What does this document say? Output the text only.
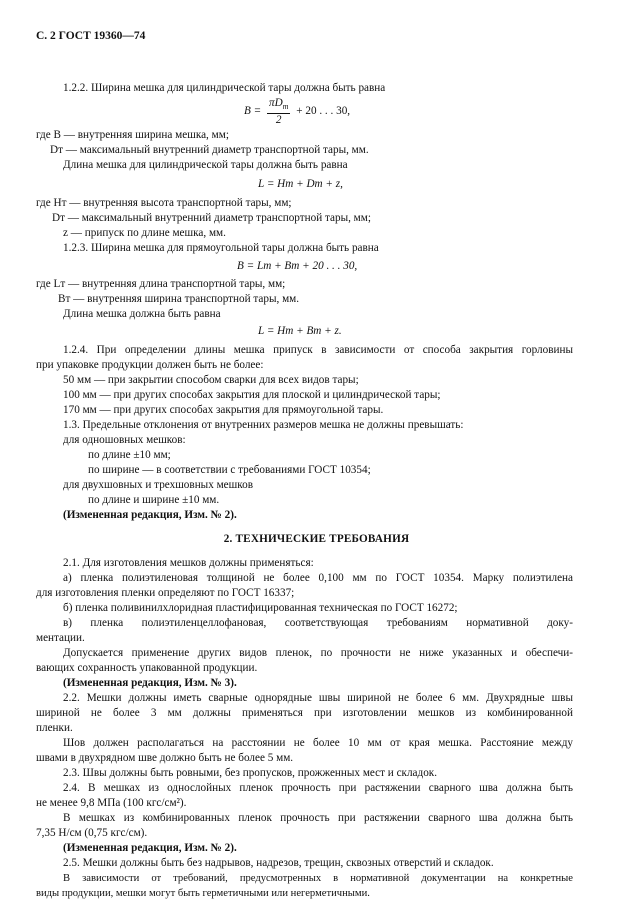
С. 2 ГОСТ 19360—74
1.2.2. Ширина мешка для цилиндрической тары должна быть равна
$B = \frac{\pi D_т}{2} + 20$ . . . 30,
где B — внутренняя ширина мешка, мм;
Dт — максимальный внутренний диаметр транспортной тары, мм.
Длина мешка для цилиндрической тары должна быть равна
L = Hт + Dт + z,
где Hт — внутренняя высота транспортной тары, мм;
Dт — максимальный внутренний диаметр транспортной тары, мм;
z — припуск по длине мешка, мм.
1.2.3. Ширина мешка для прямоугольной тары должна быть равна
B = Lт + Bт + 20 . . . 30,
где Lт — внутренняя длина транспортной тары, мм;
Bт — внутренняя ширина транспортной тары, мм.
Длина мешка должна быть равна
L = Hт + Bт + z.
1.2.4. При определении длины мешка припуск в зависимости от способа закрытия горловины
при упаковке продукции должен быть не более:
50 мм — при закрытии способом сварки для всех видов тары;
100 мм — при других способах закрытия для плоской и цилиндрической тары;
170 мм — при других способах закрытия для прямоугольной тары.
1.3. Предельные отклонения от внутренних размеров мешка не должны превышать:
для одношовных мешков:
по длине ±10 мм;
по ширине — в соответствии с требованиями ГОСТ 10354;
для двухшовных и трехшовных мешков
по длине и ширине ±10 мм.
(Измененная редакция, Изм. № 2).
2. ТЕХНИЧЕСКИЕ ТРЕБОВАНИЯ
2.1. Для изготовления мешков должны применяться:
а) пленка полиэтиленовая толщиной не более 0,100 мм по ГОСТ 10354. Марку полиэтилена
для изготовления пленки определяют по ГОСТ 16337;
б) пленка поливинилхлоридная пластифицированная техническая по ГОСТ 16272;
в) пленка полиэтиленцеллофановая, соответствующая требованиям нормативной доку-
ментации.
Допускается применение других видов пленок, по прочности не ниже указанных и обеспечи-
вающих сохранность упакованной продукции.
(Измененная редакция, Изм. № 3).
2.2. Мешки должны иметь сварные однорядные швы шириной не более 6 мм. Двухрядные швы
шириной не более 3 мм должны применяться при изготовлении мешков из комбинированной
пленки.
Шов должен располагаться на расстоянии не более 10 мм от края мешка. Расстояние между
швами в двухрядном шве должно быть не более 5 мм.
2.3. Швы должны быть ровными, без пропусков, прожженных мест и складок.
2.4. В мешках из однослойных пленок прочность при растяжении сварного шва должна быть
не менее 9,8 МПа (100 кгс/см²).
В мешках из комбинированных пленок прочность при растяжении сварного шва должна быть
7,35 Н/см (0,75 кгс/см).
(Измененная редакция, Изм. № 2).
2.5. Мешки должны быть без надрывов, надрезов, трещин, сквозных отверстий и складок.
В зависимости от требований, предусмотренных в нормативной документации на конкретные
виды продукции, мешки могут быть герметичными или негерметичными.
